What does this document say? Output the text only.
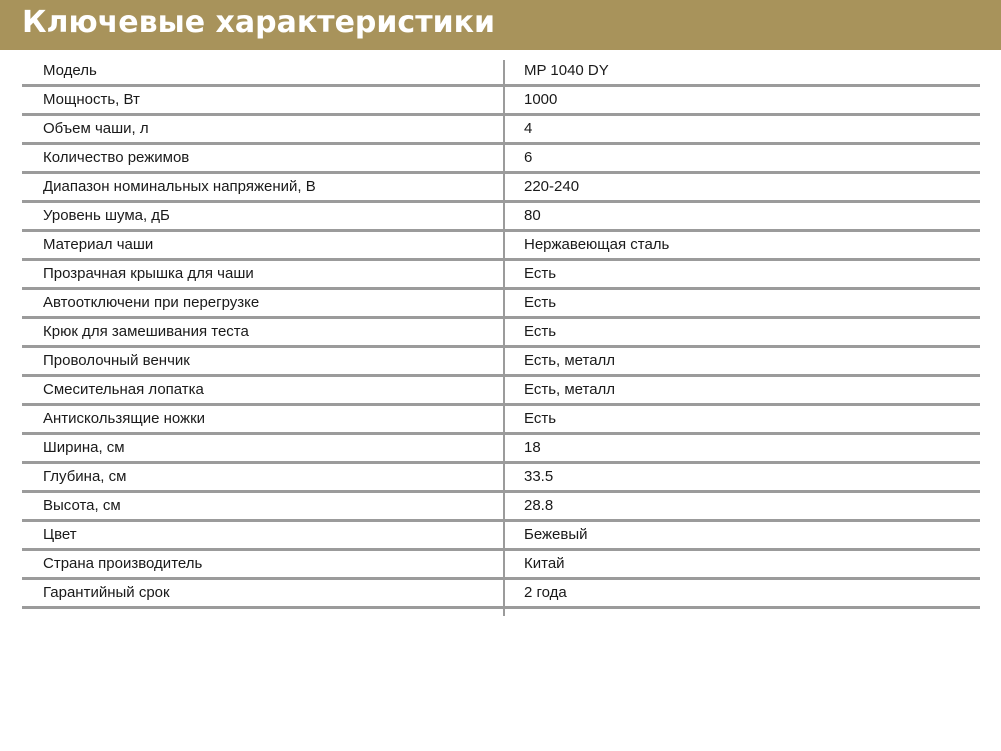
Ключевые характеристики
Модель	MP 1040 DY
Мощность, Вт	1000
Объем чаши, л	4
Количество режимов	6
Диапазон номинальных напряжений, В	220-240
Уровень шума, дБ	80
Материал чаши	Нержавеющая сталь
Прозрачная крышка для чаши	Есть
Автоотключени при перегрузке	Есть
Крюк для замешивания теста	Есть
Проволочный венчик	Есть, металл
Смесительная лопатка	Есть, металл
Антискользящие ножки	Есть
Ширина, см	18
Глубина, см	33.5
Высота, см	28.8
Цвет	Бежевый
Страна производитель	Китай
Гарантийный срок	2 года
